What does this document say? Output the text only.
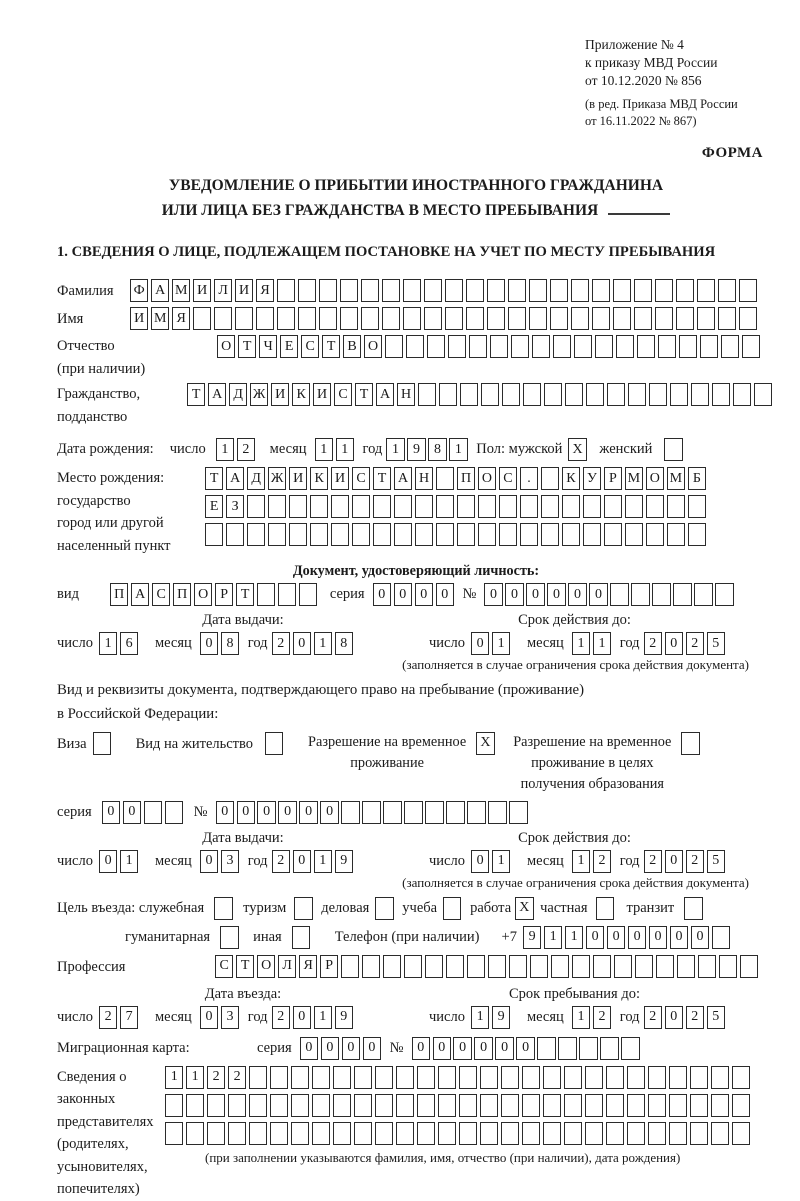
Приложение № 4
к приказу МВД России
от 10.12.2020 № 856
(в ред. Приказа МВД России
от 16.11.2022 № 867)
ФОРМА
УВЕДОМЛЕНИЕ О ПРИБЫТИИ ИНОСТРАННОГО ГРАЖДАНИНА
ИЛИ ЛИЦА БЕЗ ГРАЖДАНСТВА В МЕСТО ПРЕБЫВАНИЯ
1. СВЕДЕНИЯ О ЛИЦЕ, ПОДЛЕЖАЩЕМ ПОСТАНОВКЕ НА УЧЕТ ПО МЕСТУ ПРЕБЫВАНИЯ
Фамилия	Ф А М И Л И Я
Имя	И М Я
Отчество
(при наличии)
О Т Ч Е С Т В О
Гражданство,
подданство
Т А Д Ж И К И С Т А Н
Дата рождения: число	1 2	месяц 1 1 год 1 9 8 1 Пол: мужской X женский
Место рождения:
государство
город или другой
населенный пункт
Т А Д Ж И К И С Т А Н П О С	.	К У Р М О М Б
Е З
Документ, удостоверяющий личность:
вид	П А С П О Р Т	серия 0 0 0 0 № 0 0 0 0 0 0
Дата выдачи:	Срок действия до:
число 1 6	месяц 0 8 год 2 0 1 8	число 0 1	месяц 1 1 год 2 0 2 5
(заполняется в случае ограничения срока действия документа)
Вид и реквизиты документа, подтверждающего право на пребывание (проживание)
в Российской Федерации:
Виза	Вид на жительство	Разрешение на временное
проживание
X Разрешение на временное
проживание в целях
получения образования
серия	0 0	№ 0 0 0 0 0 0
Дата выдачи:	Срок действия до:
число 0 1	месяц 0 3 год 2 0 1 9	число 0 1	месяц 1 2 год 2 0 2 5
(заполняется в случае ограничения срока действия документа)
Цель въезда: служебная	туризм деловая учеба работа X частная	транзит
гуманитарная	иная	Телефон (при наличии) +7 9 1 1 0 0 0 0 0 0
Профессия	С Т О Л Я Р
Дата въезда:	Срок пребывания до:
число 2 7	месяц 0 3 год 2 0 1 9	число 1 9	месяц 1 2 год 2 0 2 5
Миграционная карта:	серия 0 0 0 0 № 0 0 0 0 0 0
Сведения о
законных
представителях
(родителях,
усыновителях,
попечителях)
1 1 2 2
(при заполнении указываются фамилия, имя, отчество (при наличии), дата рождения)
